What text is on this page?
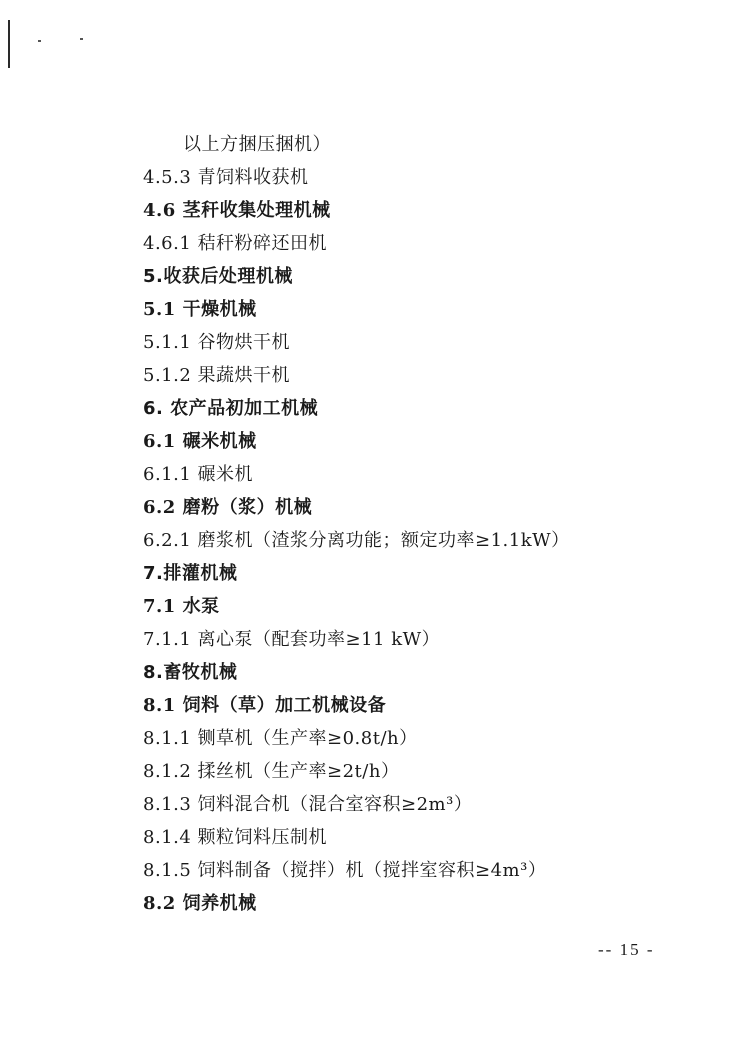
以上方捆压捆机）
4.5.3 青饲料收获机
4.6 茎秆收集处理机械
4.6.1 秸秆粉碎还田机
5.收获后处理机械
5.1 干燥机械
5.1.1 谷物烘干机
5.1.2 果蔬烘干机
6. 农产品初加工机械
6.1 碾米机械
6.1.1 碾米机
6.2 磨粉（浆）机械
6.2.1 磨浆机（渣浆分离功能；额定功率≥1.1kW）
7.排灌机械
7.1 水泵
7.1.1 离心泵（配套功率≥11 kW）
8.畜牧机械
8.1 饲料（草）加工机械设备
8.1.1 铡草机（生产率≥0.8t/h）
8.1.2 揉丝机（生产率≥2t/h）
8.1.3 饲料混合机（混合室容积≥2m³）
8.1.4 颗粒饲料压制机
8.1.5 饲料制备（搅拌）机（搅拌室容积≥4m³）
8.2 饲养机械
-- 15 -
